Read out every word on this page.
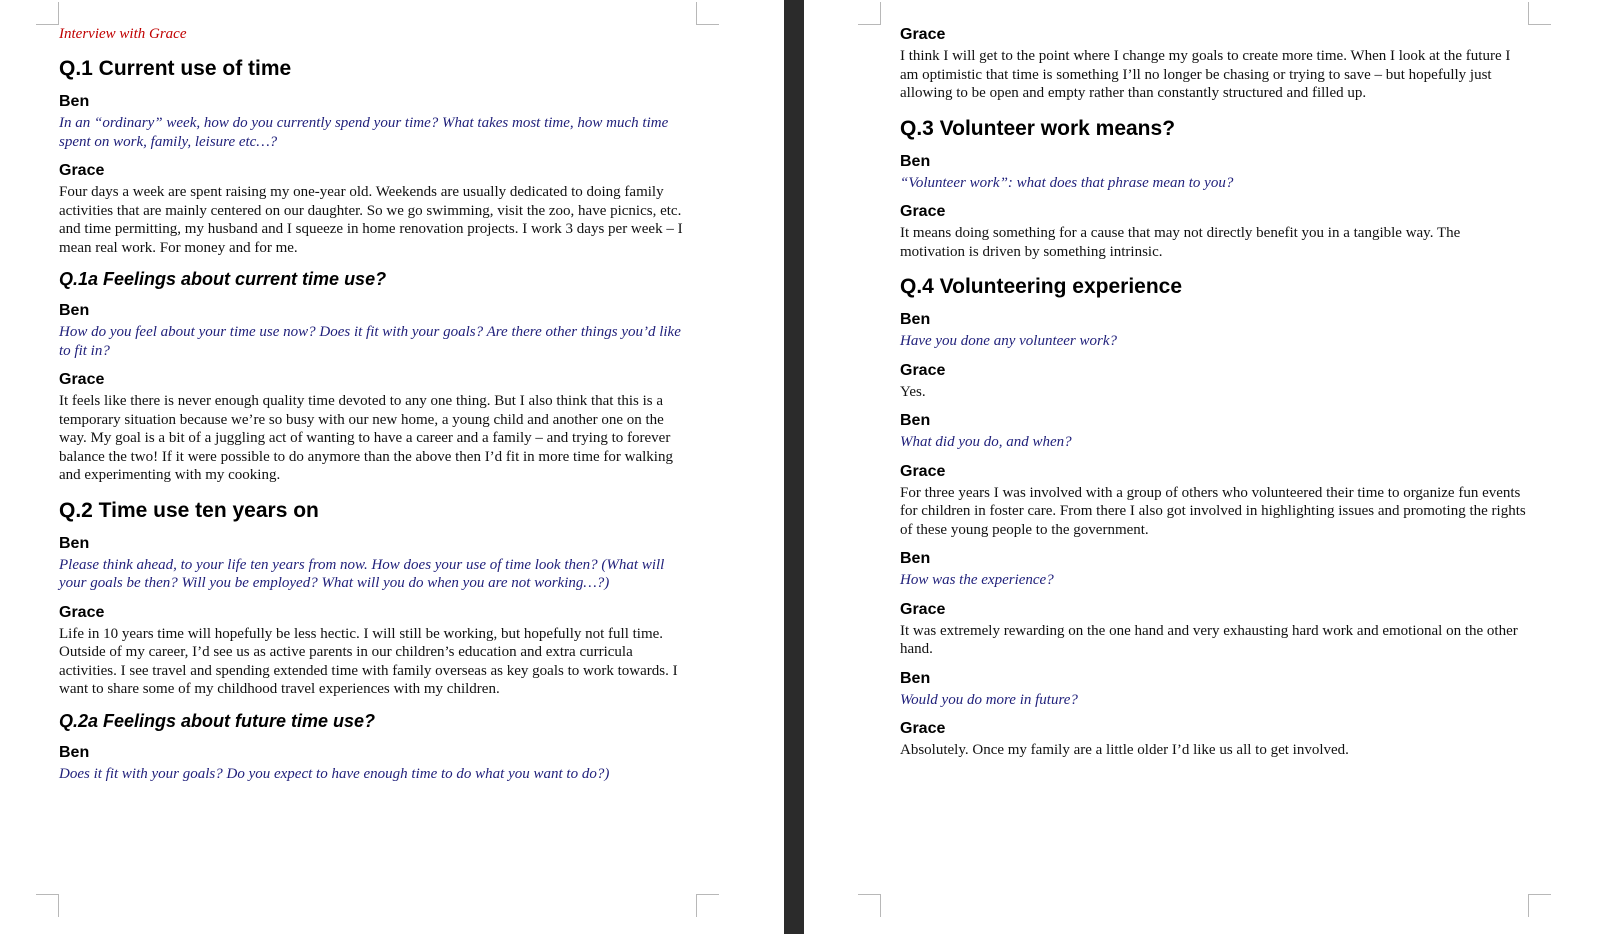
Interview with Grace
Q.1 Current use of time
Ben
In an “ordinary” week, how do you currently spend your time? What takes most time, how much time spent on work, family, leisure etc…?
Grace
Four days a week are spent raising my one-year old. Weekends are usually dedicated to doing family activities that are mainly centered on our daughter. So we go swimming, visit the zoo, have picnics, etc. and time permitting, my husband and I squeeze in home renovation projects. I work 3 days per week – I mean real work. For money and for me.
Q.1a Feelings about current time use?
Ben
How do you feel about your time use now? Does it fit with your goals? Are there other things you’d like to fit in?
Grace
It feels like there is never enough quality time devoted to any one thing. But I also think that this is a temporary situation because we’re so busy with our new home, a young child and another one on the way. My goal is a bit of a juggling act of wanting to have a career and a family – and trying to forever balance the two! If it were possible to do anymore than the above then I’d fit in more time for walking and experimenting with my cooking.
Q.2 Time use ten years on
Ben
Please think ahead, to your life ten years from now. How does your use of time look then? (What will your goals be then? Will you be employed? What will you do when you are not working…?)
Grace
Life in 10 years time will hopefully be less hectic. I will still be working, but hopefully not full time. Outside of my career, I’d see us as active parents in our children’s education and extra curricula activities. I see travel and spending extended time with family overseas as key goals to work towards. I want to share some of my childhood travel experiences with my children.
Q.2a Feelings about future time use?
Ben
Does it fit with your goals? Do you expect to have enough time to do what you want to do?)
Grace
I think I will get to the point where I change my goals to create more time. When I look at the future I am optimistic that time is something I’ll no longer be chasing or trying to save – but hopefully just allowing to be open and empty rather than constantly structured and filled up.
Q.3 Volunteer work means?
Ben
“Volunteer work”: what does that phrase mean to you?
Grace
It means doing something for a cause that may not directly benefit you in a tangible way. The motivation is driven by something intrinsic.
Q.4 Volunteering experience
Ben
Have you done any volunteer work?
Grace
Yes.
Ben
What did you do, and when?
Grace
For three years I was involved with a group of others who volunteered their time to organize fun events for children in foster care. From there I also got involved in highlighting issues and promoting the rights of these young people to the government.
Ben
How was the experience?
Grace
It was extremely rewarding on the one hand and very exhausting hard work and emotional on the other hand.
Ben
Would you do more in future?
Grace
Absolutely. Once my family are a little older I’d like us all to get involved.
